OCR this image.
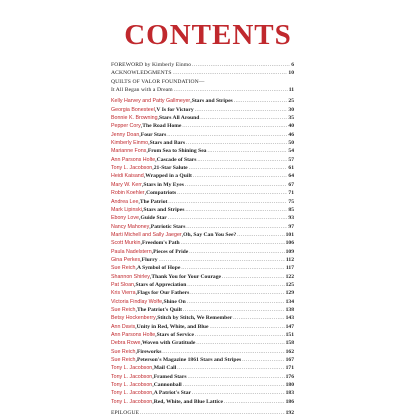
CONTENTS
FOREWORD by Kimberly Einmo .....	6
ACKNOWLEDGMENTS .....	10
QUILTS OF VALOR FOUNDATION—
It All Began with a Dream .....	11
Kelly Harvey and Patty Gallmeyer , Stars and Stripes .....	25
Georgia Bonesteel , V Is for Victory .....	30
Bonnie K. Browning , Stars All Around .....	35
Pepper Cory , The Road Home .....	40
Jenny Doan , Four Stars .....	46
Kimberly Einmo , Stars and Bars .....	50
Marianne Fons , From Sea to Shining Sea .....	54
Ann Parsons Holte , Cascade of Stars .....	57
Tony L. Jacobson , 21-Star Salute .....	61
Heidi Kaisand , Wrapped in a Quilt .....	64
Mary W. Kerr , Stars in My Eyes .....	67
Robin Koehler , Compatriots .....	71
Andrea Lee , The Patriot .....	75
Mark Lipinski , Stars and Stripes .....	85
Ebony Love , Guide Star .....	93
Nancy Mahoney , Patriotic Stars .....	97
Marti Michell and Sally Jaeger , Oh, Say Can You See? .....	101
Scott Murkin , Freedom's Path .....	106
Paula Nadelstern , Pieces of Pride .....	109
Gina Perkes , Flurry .....	112
Sue Reich , A Symbol of Hope .....	117
Shannon Shirley , Thank You for Your Courage .....	122
Pat Sloan , Stars of Appreciation .....	125
Kris Vierra , Flags for Our Fathers .....	129
Victoria Findlay Wolfe , Shine On .....	134
Sue Reich , The Patriot's Quilt .....	138
Betsy Hockenberry , Stitch by Stitch, We Remember .....	143
Ann Davis , Unity in Red, White, and Blue .....	147
Ann Parsons Holte , Stars of Service .....	151
Debra Rowe , Woven with Gratitude .....	158
Sue Reich , Fireworks .....	162
Sue Reich , Peterson's Magazine 1861 Stars and Stripes .....	167
Tony L. Jacobson , Mail Call .....	171
Tony L. Jacobson , Framed Stars .....	176
Tony L. Jacobson , Cannonball .....	180
Tony L. Jacobson , A Patriot's Star .....	183
Tony L. Jacobson , Red, White, and Blue Lattice .....	186
EPILOGUE .....	192
